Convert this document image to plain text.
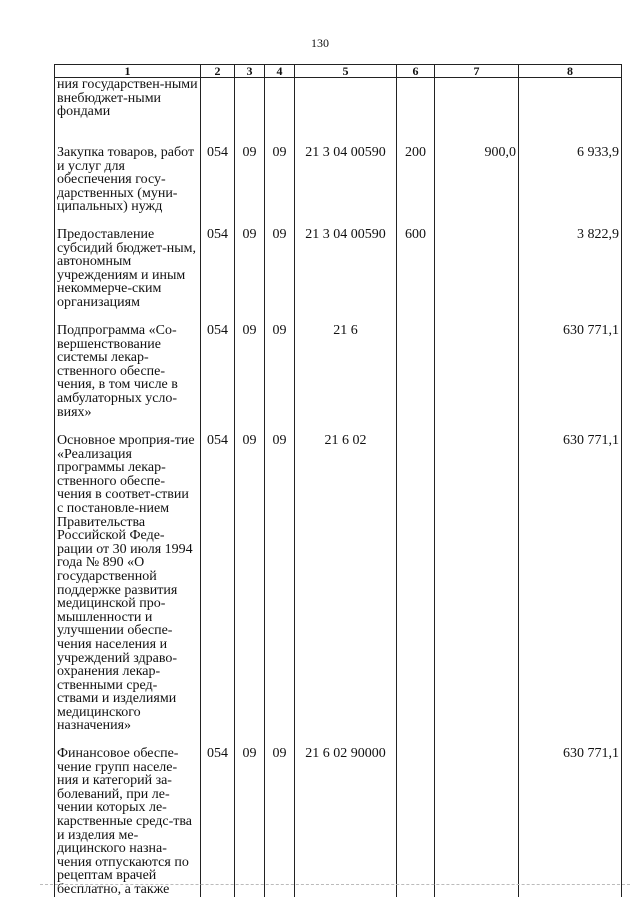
130
1	2	3	4	5	6	7	8
ния государствен-ными внебюджет-ными фондами							
Закупка товаров, работ и услуг для обеспечения госу-дарственных (муни-ципальных) нужд	054	09	09	21 3 04 00590	200	900,0	6 933,9
Предоставление субсидий бюджет-ным, автономным учреждениям и иным некоммерче-ским организациям	054	09	09	21 3 04 00590	600		3 822,9
Подпрограмма «Со-вершенствование системы лекар-ственного обеспе-чения, в том числе в амбулаторных усло-виях»	054	09	09	21 6			630 771,1
Основное мроприя-тие «Реализация программы лекар-ственного обеспе-чения в соответ-ствии с постановле-нием Правительства Российской Феде-рации от 30 июля 1994 года № 890 «О государственной поддержке развития медицинской про-мышленности и улучшении обеспе-чения населения и учреждений здраво-охранения лекар-ственными сред-ствами и изделиями медицинского назначения»	054	09	09	21 6 02			630 771,1
Финансовое обеспе-чение групп населе-ния и категорий за-болеваний, при ле-чении которых ле-карственные средс-тва и изделия ме-дицинского назна-чения отпускаются по рецептам врачей бесплатно, а также	054	09	09	21 6 02 90000			630 771,1
